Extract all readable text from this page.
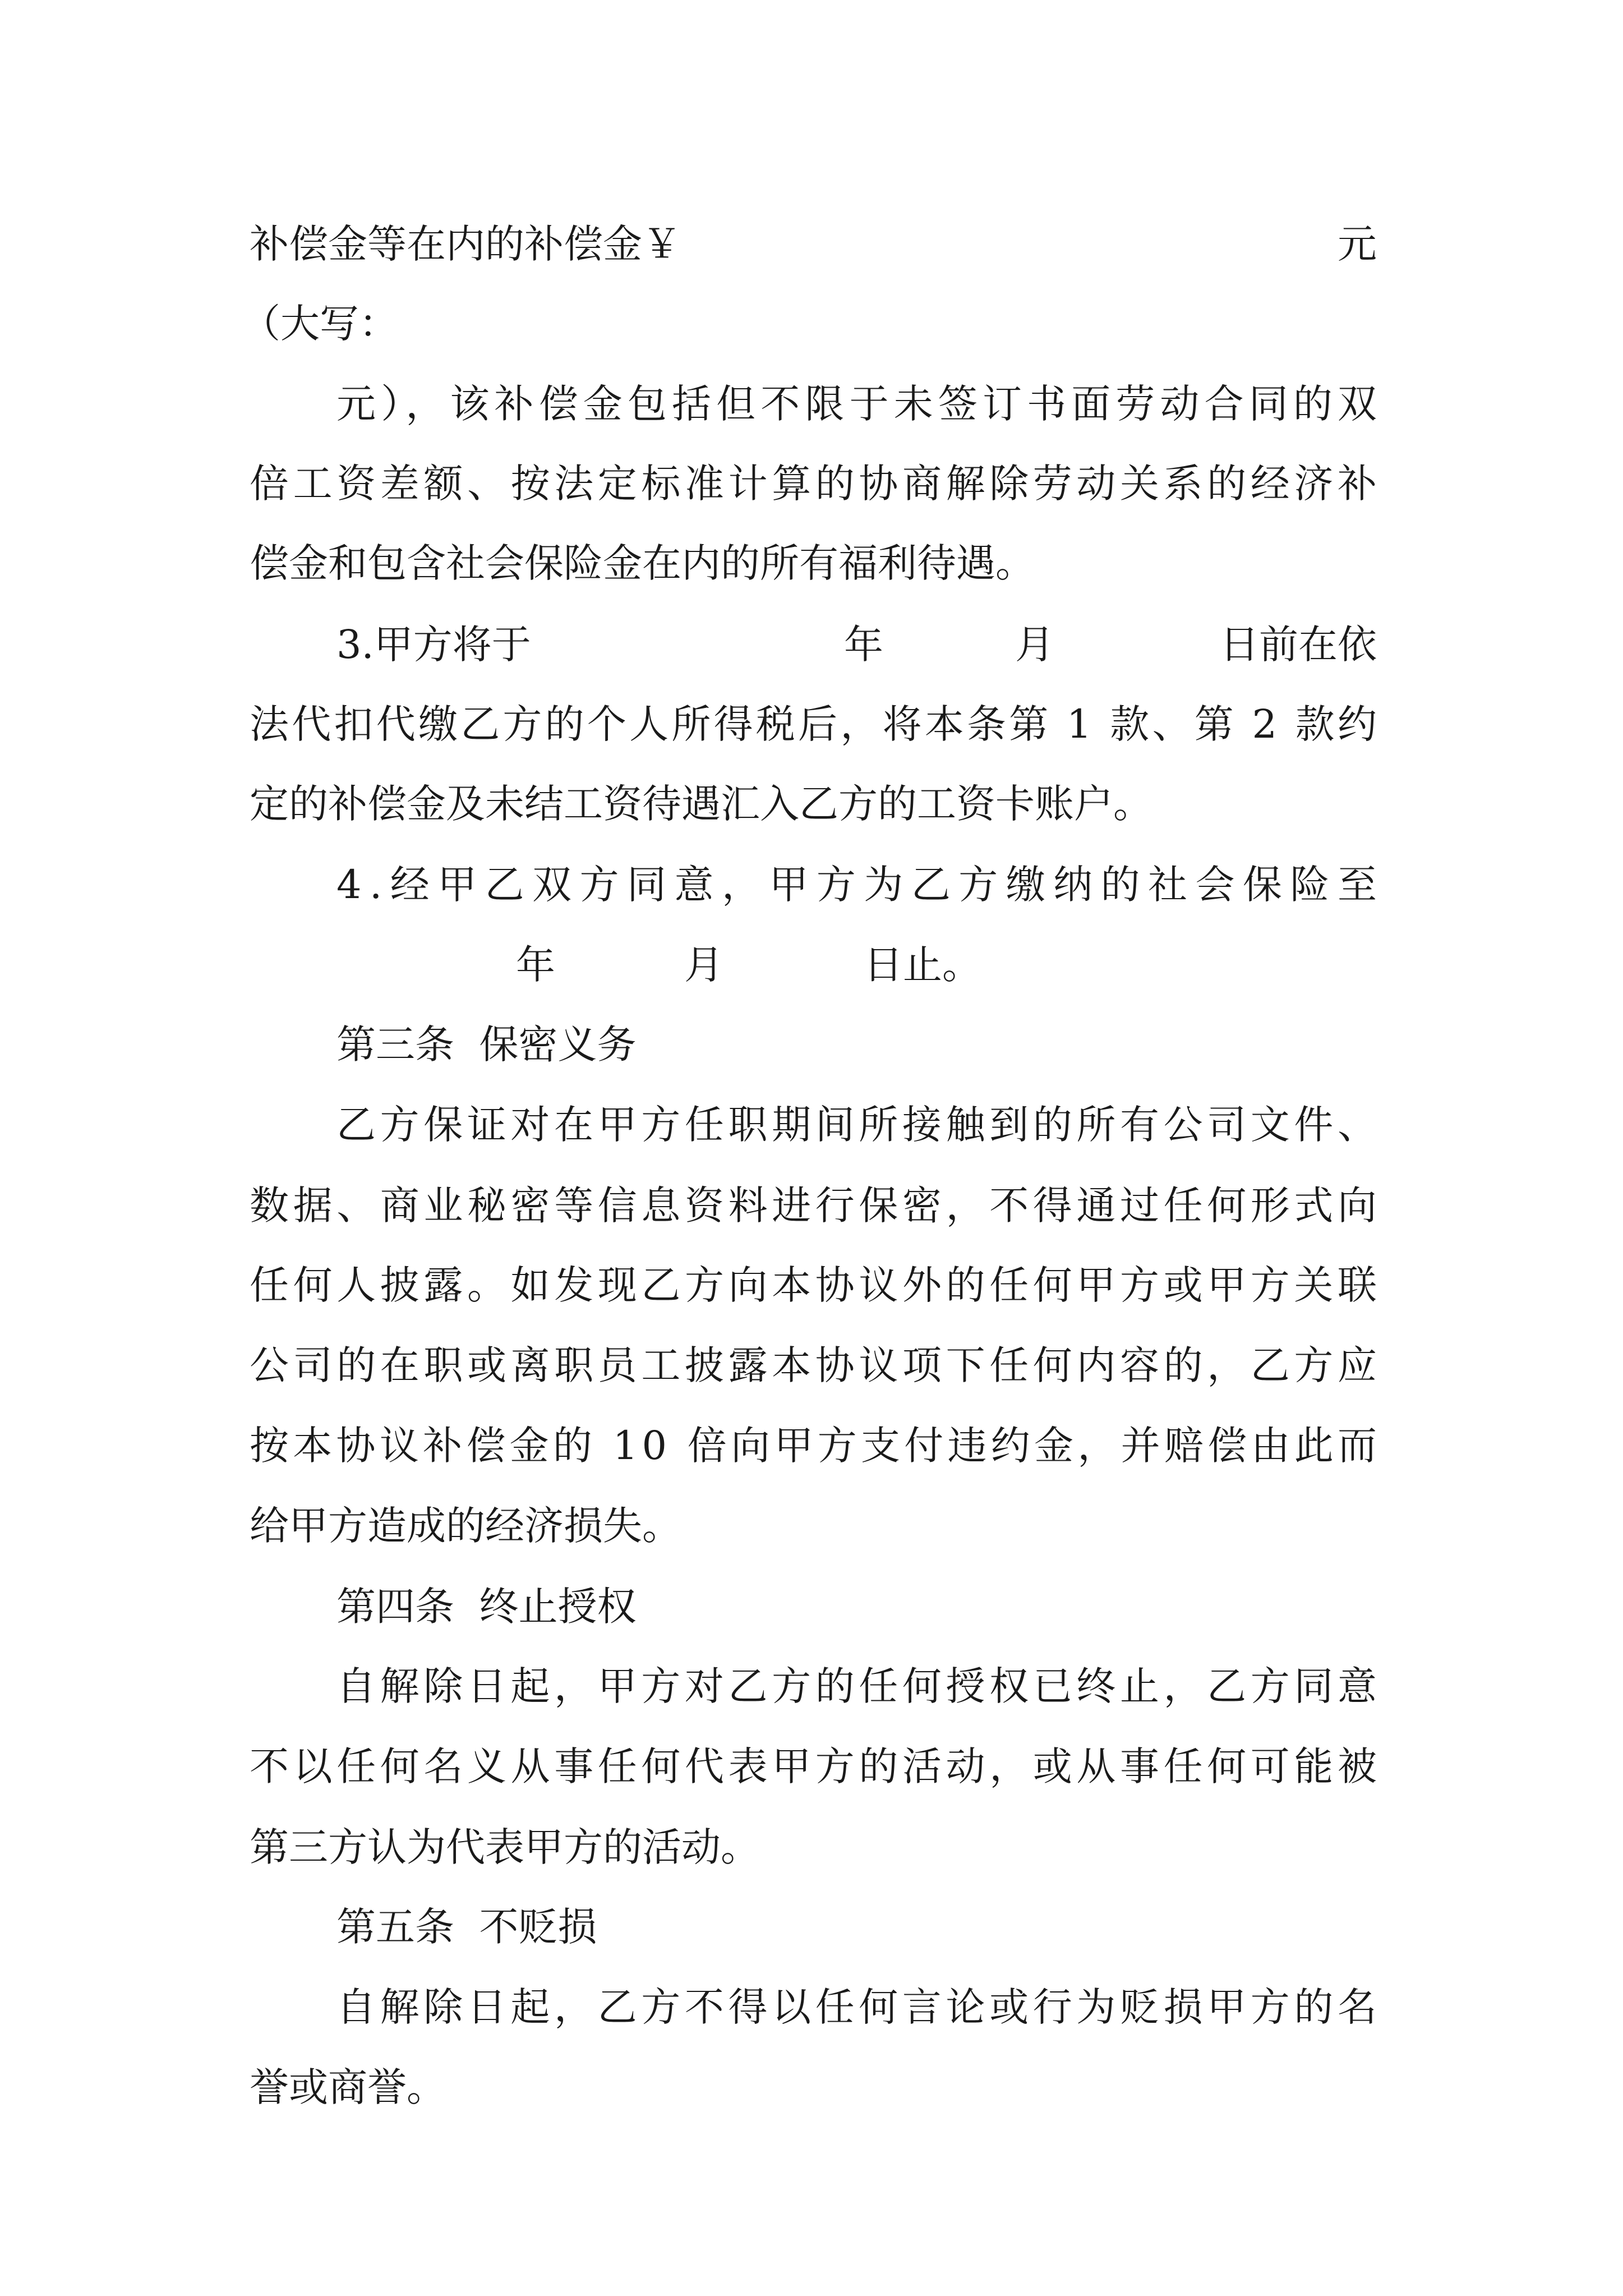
补偿金等在内的补偿金￥	元
（大写：
元），该补偿金包括但不限于未签订书面劳动合同的双
倍工资差额、按法定标准计算的协商解除劳动关系的经济补
偿金和包含社会保险金在内的所有福利待遇。
3.甲方将于	年	月	日前在依
法代扣代缴乙方的个人所得税后，将本条第 1 款、第 2 款约
定的补偿金及未结工资待遇汇入乙方的工资卡账户。
4.经甲乙双方同意，甲方为乙方缴纳的社会保险至
年	月	日止。
第三条  保密义务
乙方保证对在甲方任职期间所接触到的所有公司文件、
数据、商业秘密等信息资料进行保密，不得通过任何形式向
任何人披露。如发现乙方向本协议外的任何甲方或甲方关联
公司的在职或离职员工披露本协议项下任何内容的，乙方应
按本协议补偿金的 10 倍向甲方支付违约金，并赔偿由此而
给甲方造成的经济损失。
第四条  终止授权
自解除日起，甲方对乙方的任何授权已终止，乙方同意
不以任何名义从事任何代表甲方的活动，或从事任何可能被
第三方认为代表甲方的活动。
第五条  不贬损
自解除日起，乙方不得以任何言论或行为贬损甲方的名
誉或商誉。
